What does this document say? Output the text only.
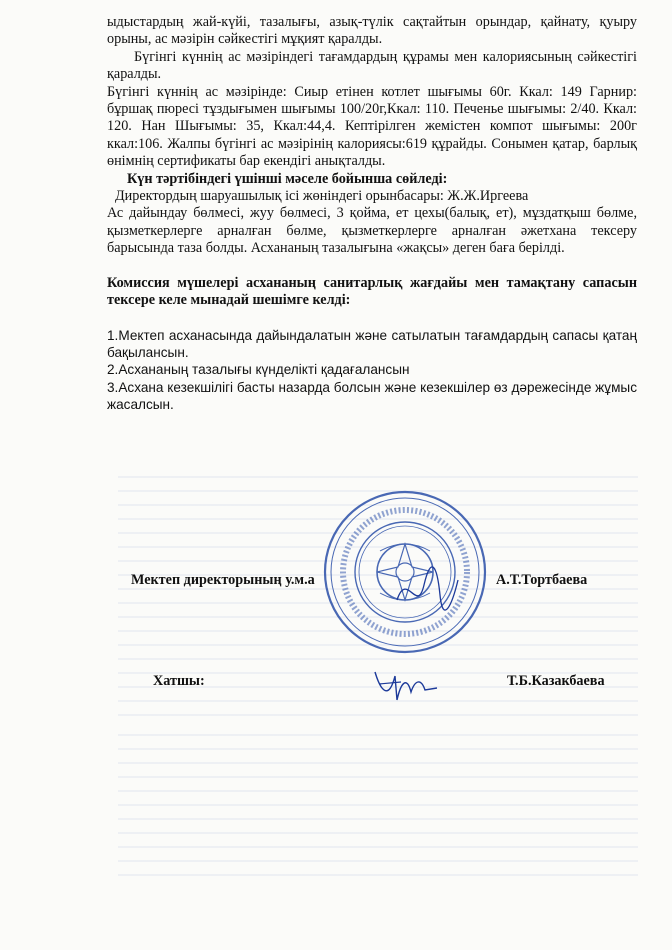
ыдыстардың жай-күйі, тазалығы, азық-түлік сақтайтын орындар, қайнату, қуыру орыны, ас мәзірін сәйкестігі мұқият қаралды.

Бүгінгі күннің ас мәзіріндегі тағамдардың құрамы мен калориясының сәйкестігі қаралды.

Бүгінгі күннің ас мәзірінде: Сиыр етінен котлет шығымы 60г. Ккал: 149 Гарнир: бұршақ пюресі тұздығымен шығымы 100/20г,Ккал: 110. Печенье шығымы: 2/40. Ккал: 120. Нан Шығымы: 35, Ккал:44,4. Кептірілген жемістен компот шығымы: 200г ккал:106. Жалпы бүгінгі ас мәзірінің калориясы:619 құрайды. Сонымен қатар, барлық өнімнің сертификаты бар екендігі анықталды.

Күн тәртібіндегі үшінші мәселе бойынша сөйледі:

Директордың шаруашылық ісі жөніндегі орынбасары: Ж.Ж.Иргеева

Ас дайындау бөлмесі, жуу бөлмесі, 3 қойма, ет цехы(балық, ет), мұздатқыш бөлме, қызметкерлерге арналған бөлме, қызметкерлерге арналған әжетхана тексеру барысында таза болды. Асхананың тазалығына «жақсы» деген баға берілді.

Комиссия мүшелері асхананың санитарлық жағдайы мен тамақтану сапасын тексере келе мынадай шешімге келді:

1.Мектеп асханасында дайындалатын және сатылатын тағамдардың сапасы қатаң бақылансын.

2.Асхананың тазалығы күнделікті қадағалансын

3.Асхана кезекшілігі басты назарда болсын және кезекшілер өз дәрежесінде жұмыс жасалсын.

Мектеп директорының у.м.а	А.Т.Тортбаева
Хатшы:	Т.Б.Казакбаева
